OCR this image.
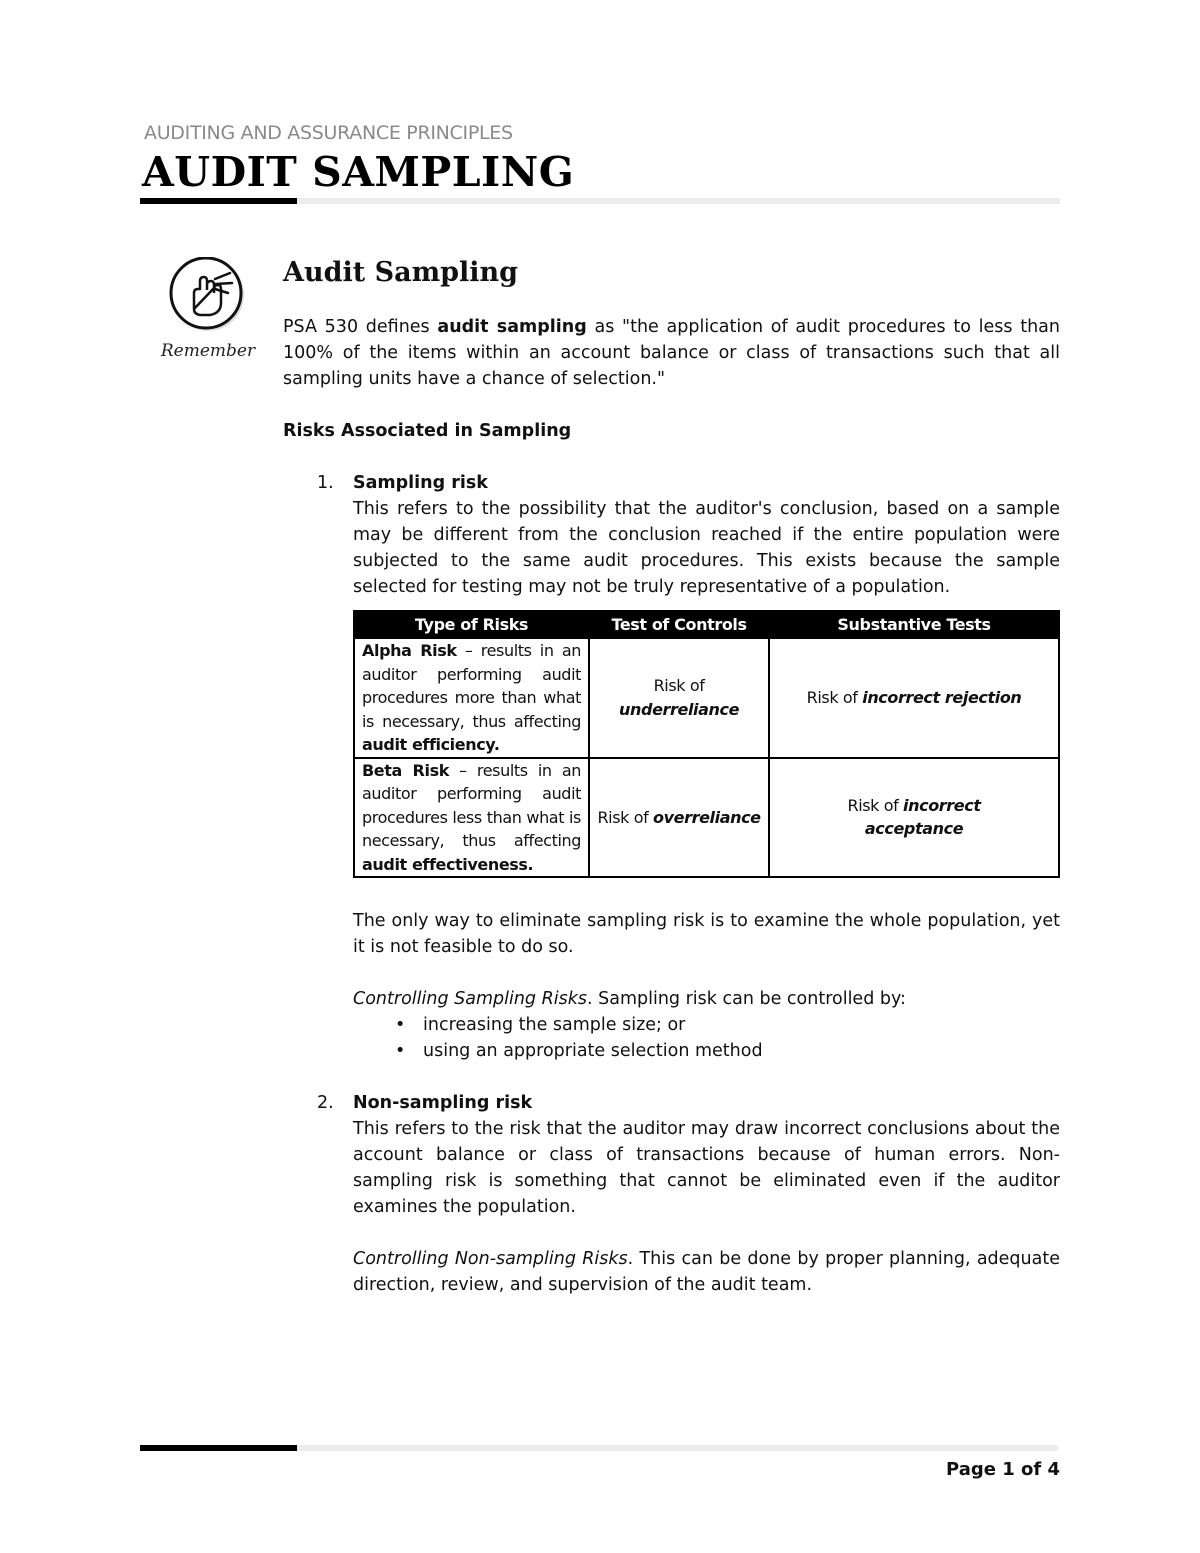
AUDITING AND ASSURANCE PRINCIPLES
AUDIT SAMPLING
Remember
Audit Sampling

PSA 530 defines audit sampling as "the application of audit procedures to less than 100% of the items within an account balance or class of transactions such that all sampling units have a chance of selection."

Risks Associated in Sampling

1.	Sampling risk

This refers to the possibility that the auditor's conclusion, based on a sample may be different from the conclusion reached if the entire population were subjected to the same audit procedures. This exists because the sample selected for testing may not be truly representative of a population.

Type of Risks	Test of Controls	Substantive Tests
Alpha Risk – results in an auditor performing audit procedures more than what is necessary, thus affecting audit efficiency.	Risk of underreliance	Risk of incorrect rejection
Beta Risk – results in an auditor performing audit procedures less than what is necessary, thus affecting audit effectiveness.	Risk of overreliance	Risk of incorrect acceptance

The only way to eliminate sampling risk is to examine the whole population, yet it is not feasible to do so.

Controlling Sampling Risks. Sampling risk can be controlled by:

• increasing the sample size; or
• using an appropriate selection method
2.	Non-sampling risk

This refers to the risk that the auditor may draw incorrect conclusions about the account balance or class of transactions because of human errors. Non-sampling risk is something that cannot be eliminated even if the auditor examines the population.

Controlling Non-sampling Risks. This can be done by proper planning, adequate direction, review, and supervision of the audit team.

Page 1 of 4
